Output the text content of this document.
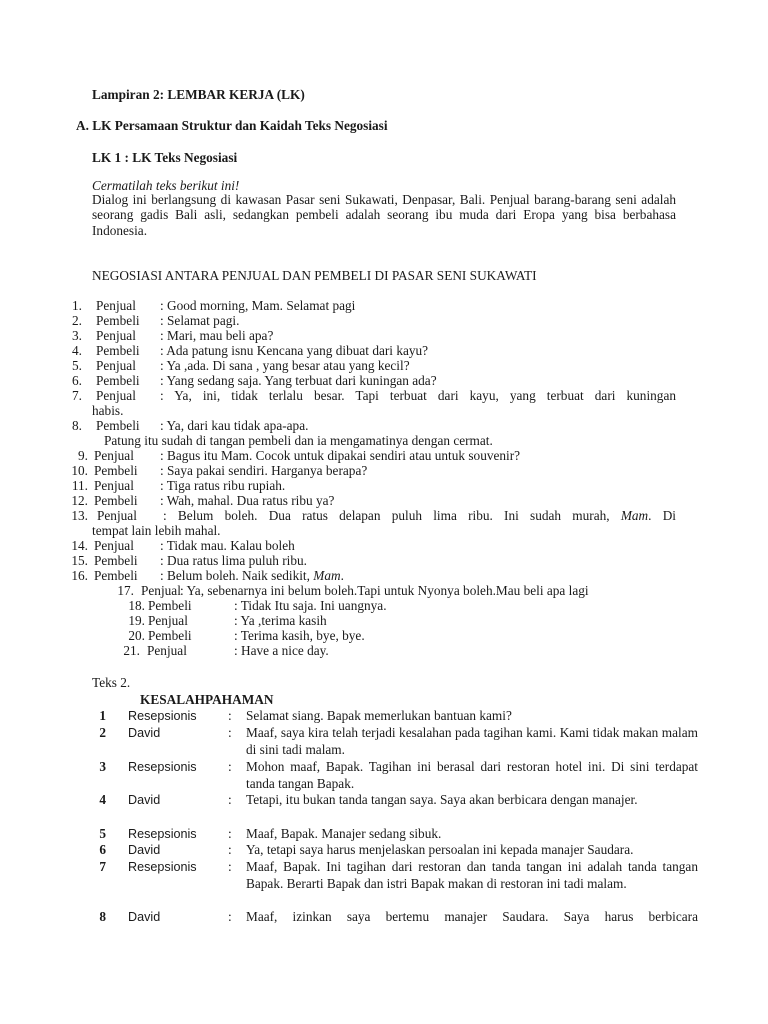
Lampiran 2: LEMBAR KERJA (LK)
A. LK Persamaan Struktur dan Kaidah Teks Negosiasi
LK 1 : LK Teks Negosiasi
Cermatilah teks berikut ini!
Dialog ini berlangsung di kawasan Pasar seni Sukawati, Denpasar, Bali. Penjual barang-barang seni adalah seorang gadis Bali asli, sedangkan pembeli adalah seorang ibu muda dari Eropa yang bisa berbahasa Indonesia.
NEGOSIASI ANTARA PENJUAL DAN PEMBELI DI PASAR SENI SUKAWATI
1. Penjual : Good morning, Mam. Selamat pagi
2. Pembeli : Selamat pagi.
3. Penjual : Mari, mau beli apa?
4. Pembeli : Ada patung isnu Kencana yang dibuat dari kayu?
5. Penjual : Ya ,ada. Di sana , yang besar atau yang kecil?
6. Pembeli : Yang sedang saja. Yang terbuat dari kuningan ada?
7. Penjual : Ya, ini, tidak terlalu besar. Tapi terbuat dari kayu, yang terbuat dari kuningan
habis.
8. Pembeli : Ya, dari kau tidak apa-apa.
9. Penjual : Bagus itu Mam. Cocok untuk dipakai sendiri atau untuk souvenir?
10. Pembeli : Saya pakai sendiri. Harganya berapa?
11. Penjual : Tiga ratus ribu rupiah.
12. Pembeli : Wah, mahal. Dua ratus ribu ya?
13. Penjual : Belum boleh. Dua ratus delapan puluh lima ribu. Ini sudah murah, Mam. Di
tempat lain lebih mahal.
14. Penjual : Tidak mau. Kalau boleh
15. Pembeli : Dua ratus lima puluh ribu.
16. Pembeli : Belum boleh. Naik sedikit, Mam.
17. Penjual : Ya, sebenarnya ini belum boleh.Tapi untuk Nyonya boleh.Mau beli apa lagi
18. Pembeli	: Tidak Itu saja. Ini uangnya.
19. Penjual	: Ya ,terima kasih
20. Pembeli	: Terima kasih, bye, bye.
21. Penjual	: Have a nice day.
Patung itu sudah di tangan pembeli dan ia mengamatinya dengan cermat.
Teks 2.
KESALAHPAHAMAN
1 Resepsionis : Selamat siang. Bapak memerlukan bantuan kami?
2 David	: Maaf, saya kira telah terjadi kesalahan pada tagihan kami. Kami tidak makan malam di sini tadi malam.
3 Resepsionis : Mohon maaf, Bapak. Tagihan ini berasal dari restoran hotel ini. Di sini terdapat tanda tangan Bapak.
4 David	: Tetapi, itu bukan tanda tangan saya. Saya akan berbicara dengan manajer.
5 Resepsionis : Maaf, Bapak. Manajer sedang sibuk.
6 David	: Ya, tetapi saya harus menjelaskan persoalan ini kepada manajer Saudara.
7 Resepsionis : Maaf, Bapak. Ini tagihan dari restoran dan tanda tangan ini adalah tanda tangan Bapak. Berarti Bapak dan istri Bapak makan di restoran ini tadi malam.
8 David	: Maaf, izinkan saya bertemu manajer Saudara. Saya harus berbicara
